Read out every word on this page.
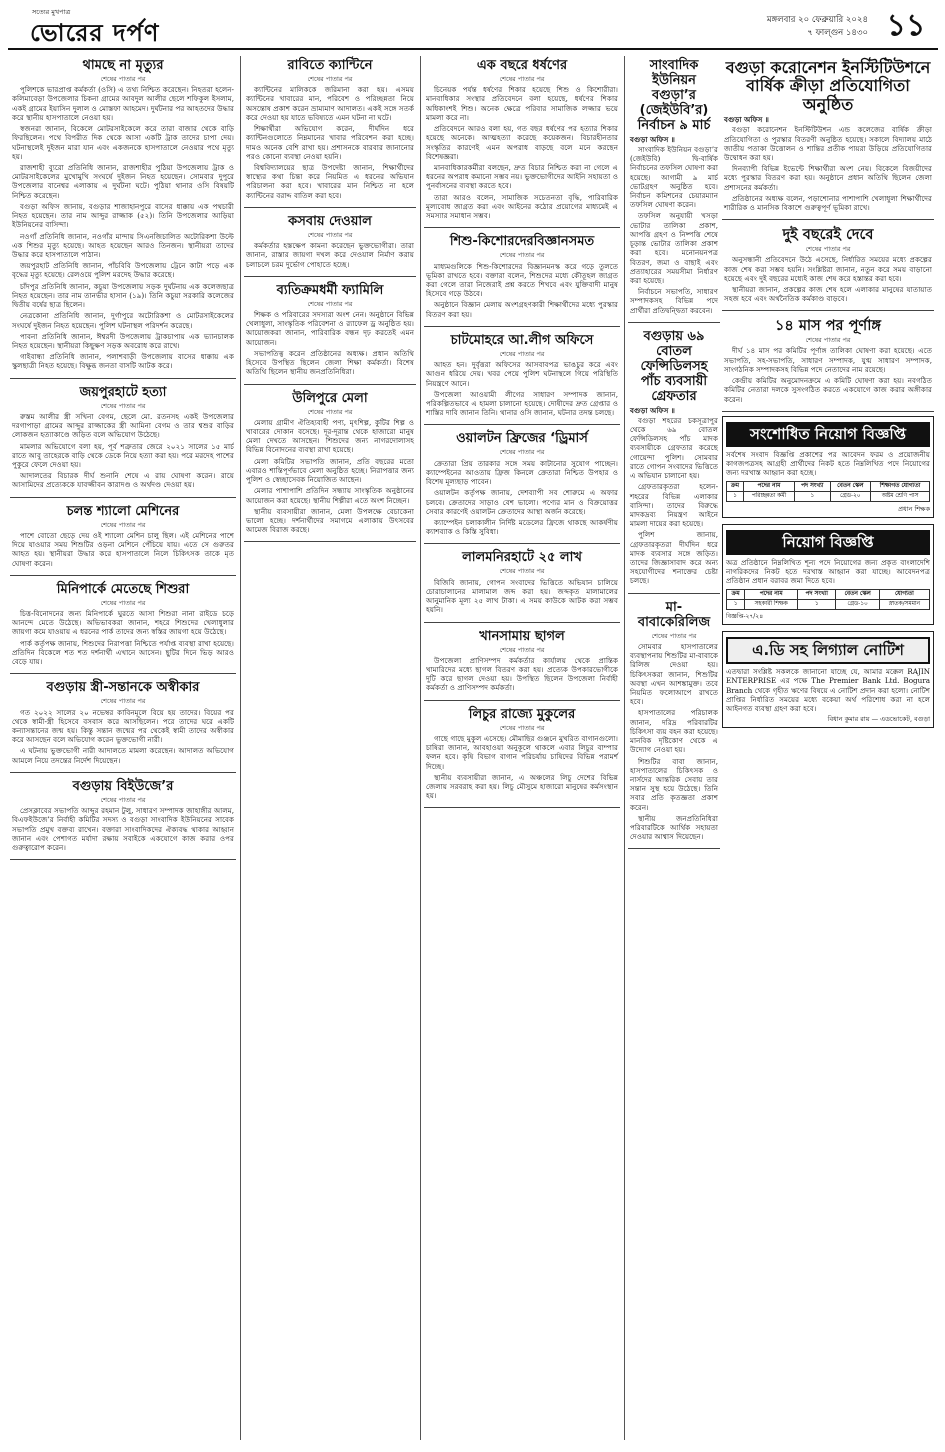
সত্যের মুখপাত্র
ভোরের দর্পণ	মঙ্গলবার ২০ ফেব্রুয়ারি ২০২৪
৭ ফাল্গুন ১৪৩০ ১১
থামছে না মৃত্যুর
শেষের পাতার পর

পুলিশকে ভারপ্রাপ্ত কর্মকর্তা (ওসি) এ তথ্য নিশ্চিত করেছেন। নিহতরা হলেন-কলিমাবেড়া উপজেলার চিকনা গ্রামের আবদুল আলীর ছেলে শফিকুল ইসলাম, একই গ্রামের ইয়াসিন দুলাল ও মোস্তফা আহমেদ। দুর্ঘটনার পর আহতদের উদ্ধার করে স্থানীয় হাসপাতালে নেওয়া হয়।

স্বজনরা জানান, বিকেলে মোটরসাইকেলে করে তারা বাজার থেকে বাড়ি ফিরছিলেন। পথে বিপরীত দিক থেকে আসা একটি ট্রাক তাদের চাপা দেয়। ঘটনাস্থলেই দুইজন মারা যান এবং একজনকে হাসপাতালে নেওয়ার পথে মৃত্যু হয়।

রাজশাহী ব্যুরো প্রতিনিধি জানান, রাজশাহীর পুঠিয়া উপজেলায় ট্রাক ও মোটরসাইকেলের মুখোমুখি সংঘর্ষে দুইজন নিহত হয়েছেন। সোমবার দুপুরে উপজেলার বানেশ্বর এলাকায় এ দুর্ঘটনা ঘটে। পুঠিয়া থানার ওসি বিষয়টি নিশ্চিত করেছেন।

বগুড়া অফিস জানায়, বগুড়ার শাজাহানপুরে বাসের ধাক্কায় এক পথচারী নিহত হয়েছেন। তার নাম আব্দুর রাজ্জাক (৫২)। তিনি উপজেলার আড়িয়া ইউনিয়নের বাসিন্দা।

নওগাঁ প্রতিনিধি জানান, নওগাঁর মান্দায় সিএনজিচালিত অটোরিকশা উল্টে এক শিশুর মৃত্যু হয়েছে। আহত হয়েছেন আরও তিনজন। স্থানীয়রা তাদের উদ্ধার করে হাসপাতালে পাঠান।

জয়পুরহাট প্রতিনিধি জানান, পাঁচবিবি উপজেলায় ট্রেনে কাটা পড়ে এক বৃদ্ধের মৃত্যু হয়েছে। রেলওয়ে পুলিশ মরদেহ উদ্ধার করেছে।

চাঁদপুর প্রতিনিধি জানান, কচুয়া উপজেলায় সড়ক দুর্ঘটনায় এক কলেজছাত্র নিহত হয়েছেন। তার নাম তানভীর হাসান (১৯)। তিনি কচুয়া সরকারি কলেজের দ্বিতীয় বর্ষের ছাত্র ছিলেন।

নেত্রকোনা প্রতিনিধি জানান, দুর্গাপুরে অটোরিকশা ও মোটরসাইকেলের সংঘর্ষে দুইজন নিহত হয়েছেন। পুলিশ ঘটনাস্থল পরিদর্শন করেছে।

পাবনা প্রতিনিধি জানান, ঈশ্বরদী উপজেলায় ট্রাকচাপায় এক ভ্যানচালক নিহত হয়েছেন। স্থানীয়রা কিছুক্ষণ সড়ক অবরোধ করে রাখে।

গাইবান্ধা প্রতিনিধি জানান, পলাশবাড়ী উপজেলায় বাসের ধাক্কায় এক স্কুলছাত্রী নিহত হয়েছে। বিক্ষুব্ধ জনতা বাসটি আটক করে।

জয়পুরহাটে হত্যা
শেষের পাতার পর

রুস্তম আলীর স্ত্রী সখিনা বেগম, ছেলে মো. রতনসহ একই উপজেলার দরগাপাড়া গ্রামের আব্দুর রাজ্জাকের স্ত্রী আমিনা বেগম ও তার শ্বশুর বাড়ির লোকজন হত্যাকাণ্ডে জড়িত বলে অভিযোগ উঠেছে।

মামলার অভিযোগে বলা হয়, পূর্ব শত্রুতার জেরে ২০২১ সালের ১৫ মার্চ রাতে আবু তাহেরকে বাড়ি থেকে ডেকে নিয়ে হত্যা করা হয়। পরে মরদেহ পাশের পুকুরে ফেলে দেওয়া হয়।

আদালতের বিচারক দীর্ঘ শুনানি শেষে এ রায় ঘোষণা করেন। রায়ে আসামিদের প্রত্যেককে যাবজ্জীবন কারাদণ্ড ও অর্থদণ্ড দেওয়া হয়।

চলন্ত শ্যালো মেশিনের
শেষের পাতার পর

পাশে বোতো ছেড়ে দেয় ওই শ্যালো মেশিন চালু ছিল। এই মেশিনের পাশে দিয়ে যাওয়ার সময় শিশুটির ওড়না মেশিনে পেঁচিয়ে যায়। এতে সে গুরুতর আহত হয়। স্থানীয়রা উদ্ধার করে হাসপাতালে নিলে চিকিৎসক তাকে মৃত ঘোষণা করেন।

মিনিপার্কে মেতেছে শিশুরা
শেষের পাতার পর

চিত্ত-বিনোদনের জন্য মিনিপার্কে ঘুরতে আসা শিশুরা নানা রাইডে চড়ে আনন্দে মেতে উঠেছে। অভিভাবকরা জানান, শহরে শিশুদের খেলাধুলার জায়গা কমে যাওয়ায় এ ধরনের পার্ক তাদের জন্য স্বস্তির জায়গা হয়ে উঠেছে।

পার্ক কর্তৃপক্ষ জানায়, শিশুদের নিরাপত্তা নিশ্চিতে পর্যাপ্ত ব্যবস্থা রাখা হয়েছে। প্রতিদিন বিকেলে শত শত দর্শনার্থী এখানে আসেন। ছুটির দিনে ভিড় আরও বেড়ে যায়।

বগুড়ায় স্ত্রী-সন্তানকে অস্বীকার
শেষের পাতার পর

গত ২০২২ সালের ২০ নভেম্বর কাবিনমূলে বিয়ে হয় তাদের। বিয়ের পর থেকে স্বামী-স্ত্রী হিসেবে বসবাস করে আসছিলেন। পরে তাদের ঘরে একটি কন্যাসন্তানের জন্ম হয়। কিন্তু সন্তান জন্মের পর থেকেই স্বামী তাদের অস্বীকার করে আসছেন বলে অভিযোগ করেন ভুক্তভোগী নারী।

এ ঘটনায় ভুক্তভোগী নারী আদালতে মামলা করেছেন। আদালত অভিযোগ আমলে নিয়ে তদন্তের নির্দেশ দিয়েছেন।

বগুড়ায় বিইউজে’র
শেষের পাতার পর

প্রেসক্লাবের সভাপতি আব্দুর রহমান টুলু, সাধারণ সম্পাদক জাহাঙ্গীর আলম, বিএফইউজে’র নির্বাহী কমিটির সদস্য ও বগুড়া সাংবাদিক ইউনিয়নের সাবেক সভাপতি প্রমুখ বক্তব্য রাখেন। বক্তারা সাংবাদিকদের ঐক্যবদ্ধ থাকার আহ্বান জানান এবং পেশাগত মর্যাদা রক্ষায় সবাইকে একযোগে কাজ করার ওপর গুরুত্বারোপ করেন।

রাবিতে ক্যান্টিনে
শেষের পাতার পর

ক্যান্টিনের মালিককে জরিমানা করা হয়। এসময় ক্যান্টিনের খাবারের মান, পরিবেশ ও পরিচ্ছন্নতা নিয়ে অসন্তোষ প্রকাশ করেন ভ্রাম্যমাণ আদালত। একই সঙ্গে সতর্ক করে দেওয়া হয় যাতে ভবিষ্যতে এমন ঘটনা না ঘটে।

শিক্ষার্থীরা অভিযোগ করেন, দীর্ঘদিন ধরে ক্যান্টিনগুলোতে নিম্নমানের খাবার পরিবেশন করা হচ্ছে। দামও অনেক বেশি রাখা হয়। প্রশাসনকে বারবার জানানোর পরও কোনো ব্যবস্থা নেওয়া হয়নি।

বিশ্ববিদ্যালয়ের ছাত্র উপদেষ্টা জানান, শিক্ষার্থীদের স্বাস্থ্যের কথা চিন্তা করে নিয়মিত এ ধরনের অভিযান পরিচালনা করা হবে। খাবারের মান নিশ্চিত না হলে ক্যান্টিনের বরাদ্দ বাতিল করা হবে।

কসবায় দেওয়াল
শেষের পাতার পর

কর্মকর্তার হস্তক্ষেপ কামনা করেছেন ভুক্তভোগীরা। তারা জানান, রাস্তার জায়গা দখল করে দেওয়াল নির্মাণ করায় চলাচলে চরম দুর্ভোগ পোহাতে হচ্ছে।

ব্যতিক্রমধর্মী ফ্যামিলি
শেষের পাতার পর

শিক্ষক ও পরিবারের সদস্যরা অংশ নেন। অনুষ্ঠানে বিভিন্ন খেলাধুলা, সাংস্কৃতিক পরিবেশনা ও র‍্যাফেল ড্র অনুষ্ঠিত হয়। আয়োজকরা জানান, পারিবারিক বন্ধন দৃঢ় করতেই এমন আয়োজন।

সভাপতিত্ব করেন প্রতিষ্ঠানের অধ্যক্ষ। প্রধান অতিথি হিসেবে উপস্থিত ছিলেন জেলা শিক্ষা কর্মকর্তা। বিশেষ অতিথি ছিলেন স্থানীয় জনপ্রতিনিধিরা।

উলিপুরে মেলা
শেষের পাতার পর

মেলায় গ্রামীণ ঐতিহ্যবাহী পণ্য, মৃৎশিল্প, কুটির শিল্প ও খাবারের দোকান বসেছে। দূর-দূরান্ত থেকে হাজারো মানুষ মেলা দেখতে আসছেন। শিশুদের জন্য নাগরদোলাসহ বিভিন্ন বিনোদনের ব্যবস্থা রাখা হয়েছে।

মেলা কমিটির সভাপতি জানান, প্রতি বছরের মতো এবারও শান্তিপূর্ণভাবে মেলা অনুষ্ঠিত হচ্ছে। নিরাপত্তার জন্য পুলিশ ও স্বেচ্ছাসেবক নিয়োজিত আছেন।

মেলার পাশাপাশি প্রতিদিন সন্ধ্যায় সাংস্কৃতিক অনুষ্ঠানের আয়োজন করা হয়েছে। স্থানীয় শিল্পীরা এতে অংশ নিচ্ছেন।

স্থানীয় ব্যবসায়ীরা জানান, মেলা উপলক্ষে বেচাকেনা ভালো হচ্ছে। দর্শনার্থীদের সমাগমে এলাকায় উৎসবের আমেজ বিরাজ করছে।

এক বছরে ধর্ষণের
শেষের পাতার পর

চিনেয়ক পর্যন্ত ধর্ষণের শিকার হয়েছে শিশু ও কিশোরীরা। মানবাধিকার সংস্থার প্রতিবেদনে বলা হয়েছে, ধর্ষণের শিকার অধিকাংশই শিশু। অনেক ক্ষেত্রে পরিবার সামাজিক লজ্জার ভয়ে মামলা করে না।

প্রতিবেদনে আরও বলা হয়, গত বছর ধর্ষণের পর হত্যার শিকার হয়েছে অনেকে। আত্মহত্যা করেছে কয়েকজন। বিচারহীনতার সংস্কৃতির কারণেই এমন অপরাধ বাড়ছে বলে মনে করছেন বিশেষজ্ঞরা।

মানবাধিকারকর্মীরা বলছেন, দ্রুত বিচার নিশ্চিত করা না গেলে এ ধরনের অপরাধ কমানো সম্ভব নয়। ভুক্তভোগীদের আইনি সহায়তা ও পুনর্বাসনের ব্যবস্থা করতে হবে।

তারা আরও বলেন, সামাজিক সচেতনতা বৃদ্ধি, পারিবারিক মূল্যবোধ জাগ্রত করা এবং আইনের কঠোর প্রয়োগের মাধ্যমেই এ সমস্যার সমাধান সম্ভব।

শিশু-কিশোরদেরবিজ্ঞানসমত
শেষের পাতার পর

মাধ্যমগুলিকে শিশু-কিশোরদের বিজ্ঞানমনস্ক করে গড়ে তুলতে ভূমিকা রাখতে হবে। বক্তারা বলেন, শিশুদের মধ্যে কৌতূহল জাগ্রত করা গেলে তারা নিজেরাই প্রশ্ন করতে শিখবে এবং যুক্তিবাদী মানুষ হিসেবে গড়ে উঠবে।

অনুষ্ঠানে বিজ্ঞান মেলায় অংশগ্রহণকারী শিক্ষার্থীদের মধ্যে পুরস্কার বিতরণ করা হয়।

চাটমোহরে আ.লীগ অফিসে
শেষের পাতার পর

আহত হন। দুর্বৃত্তরা অফিসের আসবাবপত্র ভাঙচুর করে এবং আগুন ধরিয়ে দেয়। খবর পেয়ে পুলিশ ঘটনাস্থলে গিয়ে পরিস্থিতি নিয়ন্ত্রণে আনে।

উপজেলা আওয়ামী লীগের সাধারণ সম্পাদক জানান, পরিকল্পিতভাবে এ হামলা চালানো হয়েছে। দোষীদের দ্রুত গ্রেপ্তার ও শাস্তির দাবি জানান তিনি। থানার ওসি জানান, ঘটনার তদন্ত চলছে।

ওয়ালটন ফ্রিজের ‘ড্রিমার্স
শেষের পাতার পর

ক্রেতারা প্রিয় তারকার সঙ্গে সময় কাটানোর সুযোগ পাচ্ছেন। ক্যাম্পেইনের আওতায় ফ্রিজ কিনলে ক্রেতারা নিশ্চিত উপহার ও বিশেষ মূল্যছাড় পাবেন।

ওয়ালটন কর্তৃপক্ষ জানায়, দেশব্যাপী সব শোরুমে এ অফার চলবে। ক্রেতাদের সাড়াও বেশ ভালো। পণ্যের মান ও বিক্রয়োত্তর সেবার কারণেই ওয়ালটন ক্রেতাদের আস্থা অর্জন করেছে।

ক্যাম্পেইন চলাকালীন নির্দিষ্ট মডেলের ফ্রিজে থাকছে আকর্ষণীয় ক্যাশব্যাক ও কিস্তি সুবিধা।

লালমনিরহাটে ২৫ লাখ
শেষের পাতার পর

বিজিবি জানায়, গোপন সংবাদের ভিত্তিতে অভিযান চালিয়ে চোরাচালানের মালামাল জব্দ করা হয়। জব্দকৃত মালামালের আনুমানিক মূল্য ২৫ লাখ টাকা। এ সময় কাউকে আটক করা সম্ভব হয়নি।

খানসামায় ছাগল
শেষের পাতার পর

উপজেলা প্রাণিসম্পদ কর্মকর্তার কার্যালয় থেকে প্রান্তিক খামারিদের মধ্যে ছাগল বিতরণ করা হয়। প্রত্যেক উপকারভোগীকে দুটি করে ছাগল দেওয়া হয়। উপস্থিত ছিলেন উপজেলা নির্বাহী কর্মকর্তা ও প্রাণিসম্পদ কর্মকর্তা।

লিচুর রাজ্যে মুকুলের
শেষের পাতার পর

গাছে গাছে মুকুল এসেছে। মৌমাছির গুঞ্জনে মুখরিত বাগানগুলো। চাষিরা জানান, আবহাওয়া অনুকূলে থাকলে এবার লিচুর বাম্পার ফলন হবে। কৃষি বিভাগ বাগান পরিচর্যায় চাষিদের বিভিন্ন পরামর্শ দিচ্ছে।

স্থানীয় ব্যবসায়ীরা জানান, এ অঞ্চলের লিচু দেশের বিভিন্ন জেলায় সরবরাহ করা হয়। লিচু মৌসুমে হাজারো মানুষের কর্মসংস্থান হয়।

সাংবাদিক ইউনিয়ন বগুড়া’র (জেইউবি’র) নির্বাচন ৯ মার্চ
বগুড়া অফিস ॥

সাংবাদিক ইউনিয়ন বগুড়া’র (জেইউবি) দ্বি-বার্ষিক নির্বাচনের তফসিল ঘোষণা করা হয়েছে। আগামী ৯ মার্চ ভোটগ্রহণ অনুষ্ঠিত হবে। নির্বাচন কমিশনের চেয়ারম্যান তফসিল ঘোষণা করেন।

তফসিল অনুযায়ী খসড়া ভোটার তালিকা প্রকাশ, আপত্তি গ্রহণ ও নিষ্পত্তি শেষে চূড়ান্ত ভোটার তালিকা প্রকাশ করা হবে। মনোনয়নপত্র বিতরণ, জমা ও বাছাই এবং প্রত্যাহারের সময়সীমা নির্ধারণ করা হয়েছে।

নির্বাচনে সভাপতি, সাধারণ সম্পাদকসহ বিভিন্ন পদে প্রার্থীরা প্রতিদ্বন্দ্বিতা করবেন।

বগুড়ায় ৬৯ বোতল ফেন্সিডিলসহ পাঁচ ব্যবসায়ী গ্রেফতার
বগুড়া অফিস ॥

বগুড়া শহরের চকসূত্রাপুর থেকে ৬৯ বোতল ফেন্সিডিলসহ পাঁচ মাদক ব্যবসায়ীকে গ্রেফতার করেছে গোয়েন্দা পুলিশ। সোমবার রাতে গোপন সংবাদের ভিত্তিতে এ অভিযান চালানো হয়।

গ্রেফতারকৃতরা হলেন- শহরের বিভিন্ন এলাকার বাসিন্দা। তাদের বিরুদ্ধে মাদকদ্রব্য নিয়ন্ত্রণ আইনে মামলা দায়ের করা হয়েছে।

পুলিশ জানায়, গ্রেফতারকৃতরা দীর্ঘদিন ধরে মাদক ব্যবসার সঙ্গে জড়িত। তাদের জিজ্ঞাসাবাদ করে অন্য সহযোগীদের শনাক্তের চেষ্টা চলছে।

মা-বাবাকেরিলিজ
শেষের পাতার পর

সোমবার হাসপাতালের ব্যবস্থাপনায় শিশুটির মা-বাবাকে রিলিজ দেওয়া হয়। চিকিৎসকরা জানান, শিশুটির অবস্থা এখন আশঙ্কামুক্ত। তবে নিয়মিত ফলোআপে রাখতে হবে।

হাসপাতালের পরিচালক জানান, দরিদ্র পরিবারটির চিকিৎসা ব্যয় বহন করা হয়েছে। মানবিক দৃষ্টিকোণ থেকে এ উদ্যোগ নেওয়া হয়।

শিশুটির বাবা জানান, হাসপাতালের চিকিৎসক ও নার্সদের আন্তরিক সেবায় তার সন্তান সুস্থ হয়ে উঠেছে। তিনি সবার প্রতি কৃতজ্ঞতা প্রকাশ করেন।

স্থানীয় জনপ্রতিনিধিরা পরিবারটিকে আর্থিক সহায়তা দেওয়ার আশ্বাস দিয়েছেন।

বগুড়া করোনেশন ইনস্টিটিউশনে বার্ষিক ক্রীড়া প্রতিযোগিতা অনুষ্ঠিত
বগুড়া অফিস ॥

বগুড়া করোনেশন ইনস্টিটিউশন এন্ড কলেজের বার্ষিক ক্রীড়া প্রতিযোগিতা ও পুরস্কার বিতরণী অনুষ্ঠিত হয়েছে। সকালে বিদ্যালয় মাঠে জাতীয় পতাকা উত্তোলন ও শান্তির প্রতীক পায়রা উড়িয়ে প্রতিযোগিতার উদ্বোধন করা হয়।

দিনব্যাপী বিভিন্ন ইভেন্টে শিক্ষার্থীরা অংশ নেয়। বিকেলে বিজয়ীদের মধ্যে পুরস্কার বিতরণ করা হয়। অনুষ্ঠানে প্রধান অতিথি ছিলেন জেলা প্রশাসনের কর্মকর্তা।

প্রতিষ্ঠানের অধ্যক্ষ বলেন, পড়াশোনার পাশাপাশি খেলাধুলা শিক্ষার্থীদের শারীরিক ও মানসিক বিকাশে গুরুত্বপূর্ণ ভূমিকা রাখে।

দুই বছরেই দেবে
শেষের পাতার পর

অনুসন্ধানী প্রতিবেদনে উঠে এসেছে, নির্ধারিত সময়ের মধ্যে প্রকল্পের কাজ শেষ করা সম্ভব হয়নি। সংশ্লিষ্টরা জানান, নতুন করে সময় বাড়ানো হয়েছে এবং দুই বছরের মধ্যেই কাজ শেষ করে হস্তান্তর করা হবে।

স্থানীয়রা জানান, প্রকল্পের কাজ শেষ হলে এলাকার মানুষের যাতায়াত সহজ হবে এবং অর্থনৈতিক কর্মকাণ্ড বাড়বে।

১৪ মাস পর পূর্ণাঙ্গ
শেষের পাতার পর

দীর্ঘ ১৪ মাস পর কমিটির পূর্ণাঙ্গ তালিকা ঘোষণা করা হয়েছে। এতে সভাপতি, সহ-সভাপতি, সাধারণ সম্পাদক, যুগ্ম সাধারণ সম্পাদক, সাংগঠনিক সম্পাদকসহ বিভিন্ন পদে নেতাদের নাম রয়েছে।

কেন্দ্রীয় কমিটির অনুমোদনক্রমে এ কমিটি ঘোষণা করা হয়। নবগঠিত কমিটির নেতারা দলকে সুসংগঠিত করতে একযোগে কাজ করার অঙ্গীকার করেন।

সংশোধিত নিয়োগ বিজ্ঞপ্তি
সর্বশেষ সংবাদ বিজ্ঞপ্তি প্রকাশের পর আবেদন ফরম ও প্রয়োজনীয় কাগজপত্রসহ আগ্রহী প্রার্থীদের নিকট হতে নিম্নলিখিত পদে নিয়োগের জন্য দরখাস্ত আহ্বান করা হচ্ছে।
ক্রম	পদের নাম	পদ সংখ্যা	বেতন স্কেল	শিক্ষাগত যোগ্যতা
১	পরিচ্ছন্নতা কর্মী	১	গ্রেড-২০	অষ্টম শ্রেণি পাস
প্রধান শিক্ষক
নিয়োগ বিজ্ঞপ্তি
অত্র প্রতিষ্ঠানে নিম্নলিখিত শূন্য পদে নিয়োগের জন্য প্রকৃত বাংলাদেশি নাগরিকদের নিকট হতে দরখাস্ত আহ্বান করা যাচ্ছে। আবেদনপত্র প্রতিষ্ঠান প্রধান বরাবর জমা দিতে হবে।
ক্রম	পদের নাম	পদ সংখ্যা	বেতন স্কেল	যোগ্যতা
১	সহকারী শিক্ষক	১	গ্রেড-১০	স্নাতক/সমমান
বিজ্ঞপ্তি-২৭/২৪
এ.ডি সহ লিগ্যাল নোটিশ
এতদ্বারা সংশ্লিষ্ট সকলকে জানানো যাচ্ছে যে, আমার মক্কেল RAJIN ENTERPRISE এর পক্ষে The Premier Bank Ltd. Bogura Branch থেকে গৃহীত ঋণের বিষয়ে এ নোটিশ প্রদান করা হলো। নোটিশ প্রাপ্তির নির্ধারিত সময়ের মধ্যে বকেয়া অর্থ পরিশোধ করা না হলে আইনগত ব্যবস্থা গ্রহণ করা হবে।
বিধান কুমার রায় — এডভোকেট, বগুড়া
